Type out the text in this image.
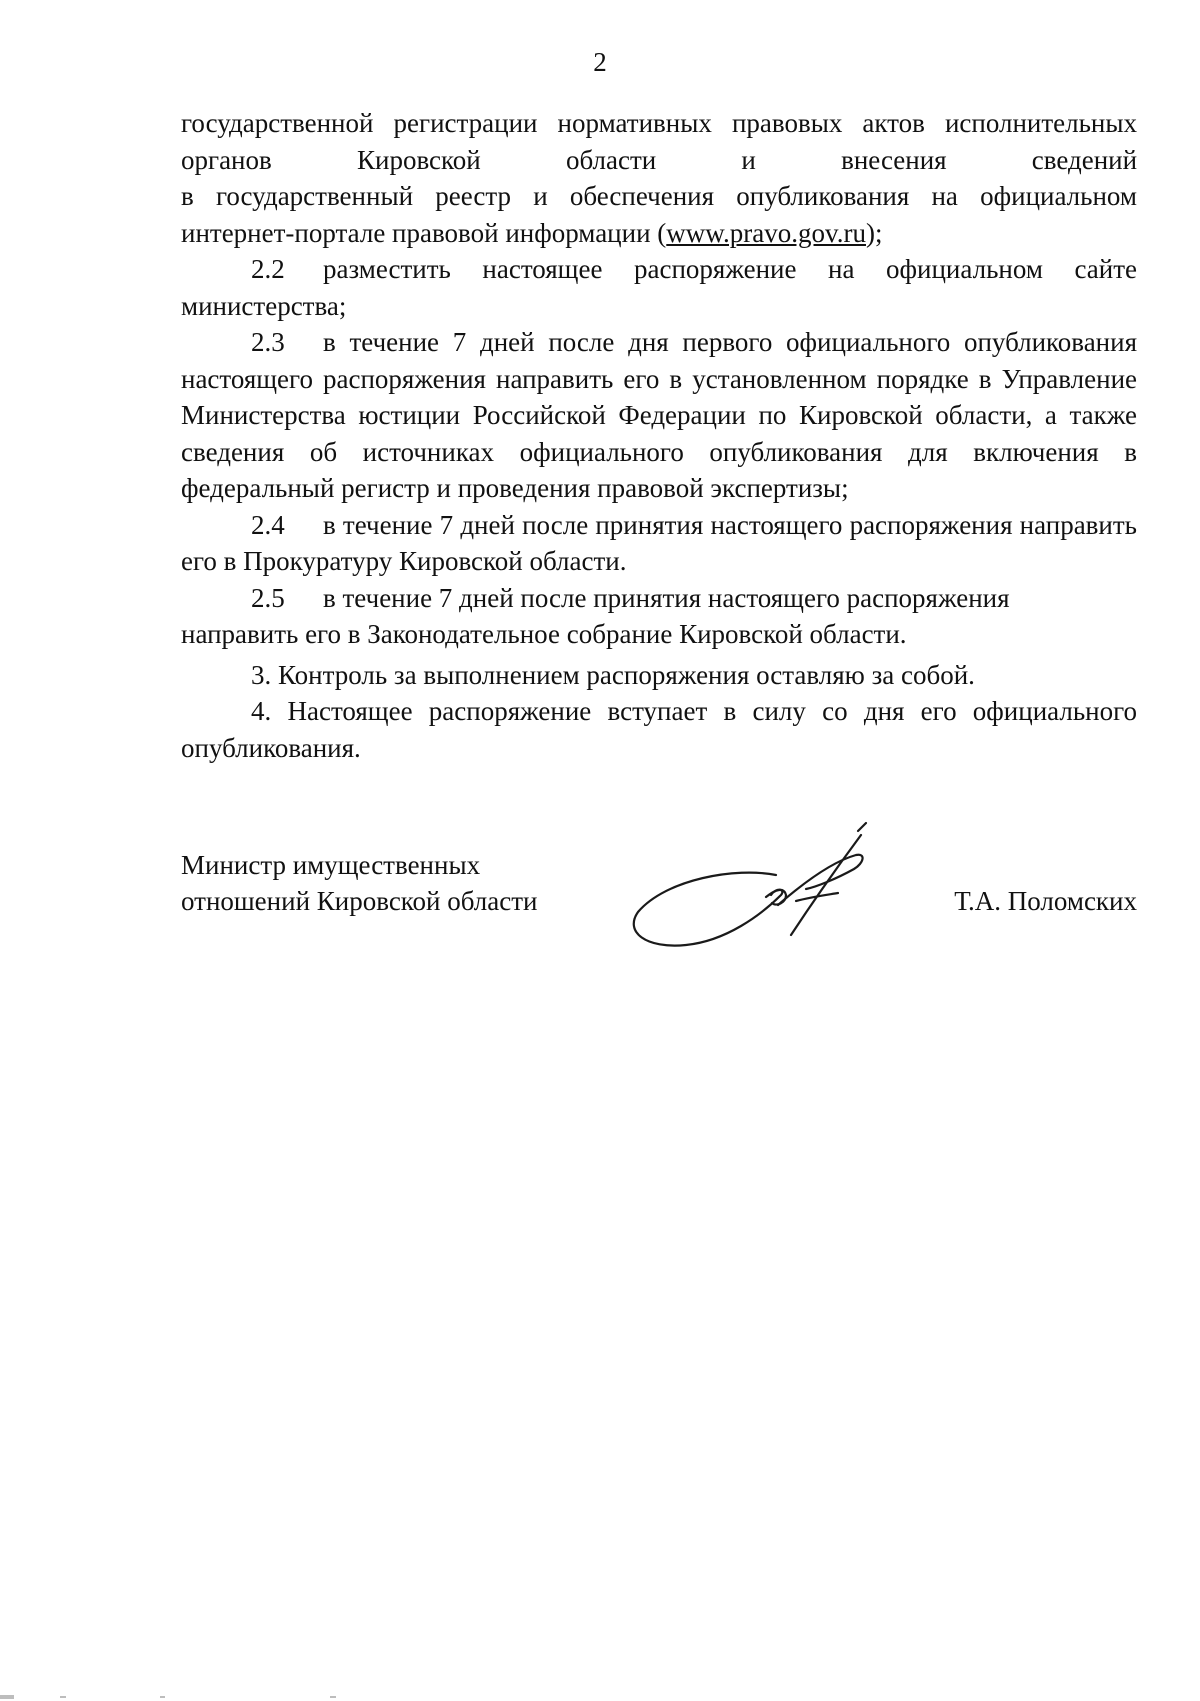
2

государственной регистрации нормативных правовых актов исполнительных
органов	Кировской	области	и	внесения	сведений
в государственный реестр и обеспечения опубликования на официальном интернет-портале правовой информации (www.pravo.gov.ru);

2.2 разместить настоящее распоряжение на официальном сайте министерства;

2.3 в течение 7 дней после дня первого официального опубликования настоящего распоряжения направить его в установленном порядке в Управление Министерства юстиции Российской Федерации по Кировской области, а также сведения об источниках официального опубликования для включения в федеральный регистр и проведения правовой экспертизы;

2.4 в течение 7 дней после принятия настоящего распоряжения направить его в Прокуратуру Кировской области.

2.5 в течение 7 дней после принятия настоящего распоряжения
направить его в Законодательное собрание Кировской области.

3. Контроль за выполнением распоряжения оставляю за собой.

4. Настоящее распоряжение вступает в силу со дня его официального опубликования.

Министр имущественных
отношений Кировской области	Т.А. Поломских
